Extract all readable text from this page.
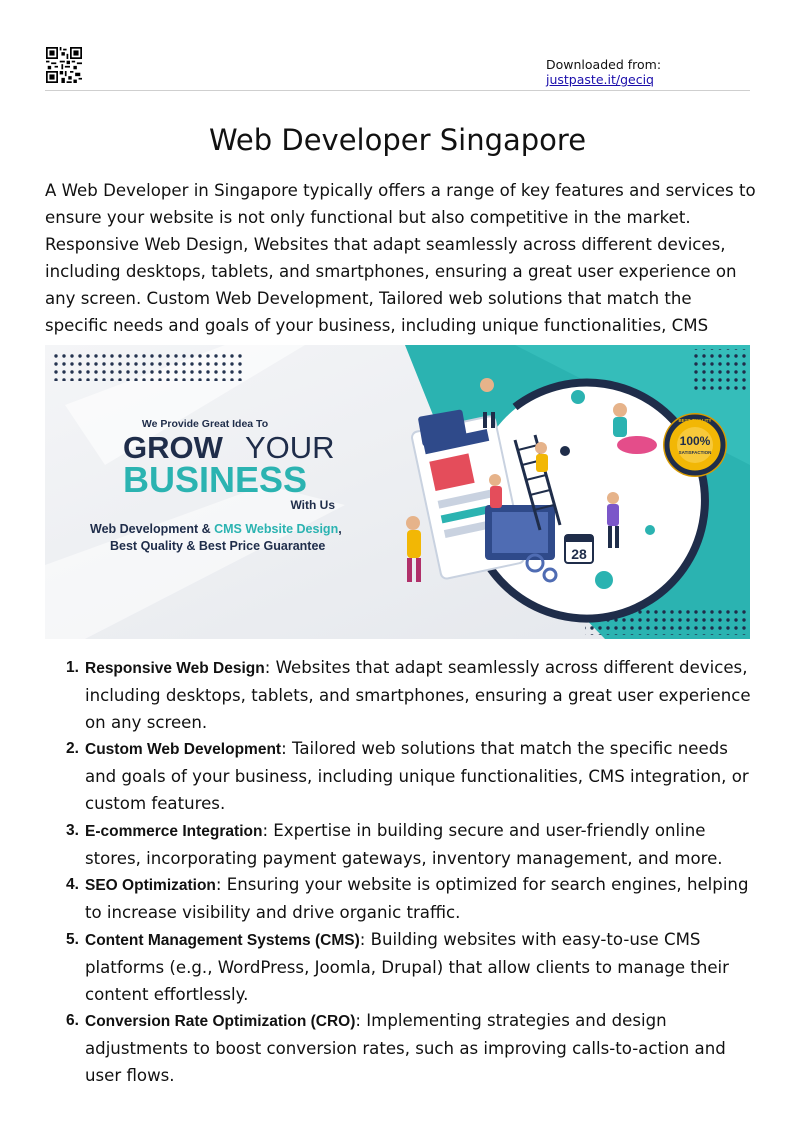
Downloaded from: justpaste.it/geciq
Web Developer Singapore

A Web Developer in Singapore typically offers a range of key features and services to ensure your website is not only functional but also competitive in the market. Responsive Web Design, Websites that adapt seamlessly across different devices, including desktops, tablets, and smartphones, ensuring a great user experience on any screen. Custom Web Development, Tailored web solutions that match the specific needs and goals of your business, including unique functionalities, CMS

28
100%
SATISFACTION
BEST QUALITY
We Provide Great Idea To
GROW YOUR
BUSINESS
With Us
Web Development & CMS Website Design,
Best Quality & Best Price Guarantee
1. Responsive Web Design: Websites that adapt seamlessly across different devices, including desktops, tablets, and smartphones, ensuring a great user experience on any screen.
2. Custom Web Development: Tailored web solutions that match the specific needs and goals of your business, including unique functionalities, CMS integration, or custom features.
3. E-commerce Integration: Expertise in building secure and user-friendly online stores, incorporating payment gateways, inventory management, and more.
4. SEO Optimization: Ensuring your website is optimized for search engines, helping to increase visibility and drive organic traffic.
5. Content Management Systems (CMS): Building websites with easy-to-use CMS platforms (e.g., WordPress, Joomla, Drupal) that allow clients to manage their content effortlessly.
6. Conversion Rate Optimization (CRO): Implementing strategies and design adjustments to boost conversion rates, such as improving calls-to-action and user flows.
